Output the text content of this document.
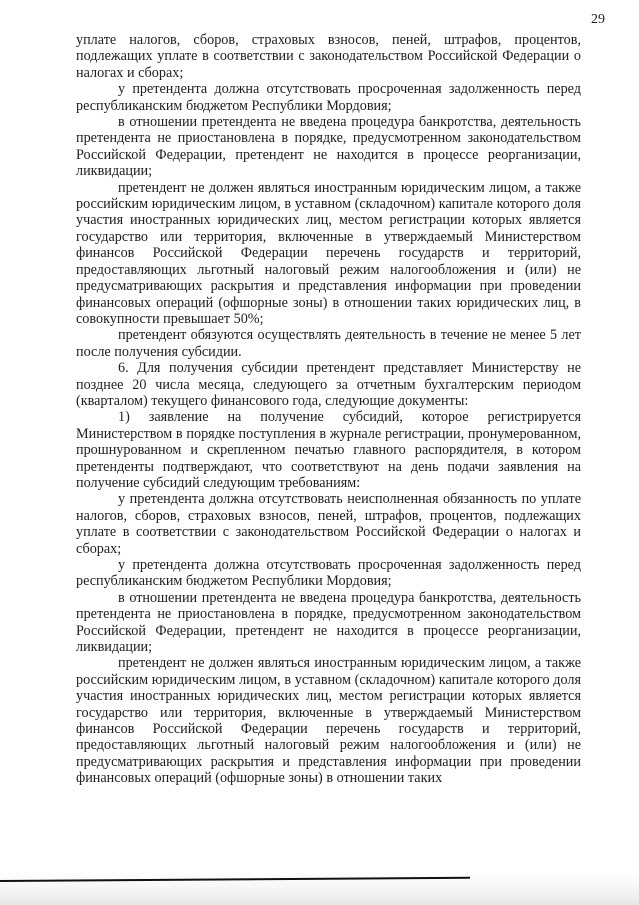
29

уплате налогов, сборов, страховых взносов, пеней, штрафов, процентов, подлежащих уплате в соответствии с законодательством Российской Федерации о налогах и сборах;

у претендента должна отсутствовать просроченная задолженность перед республиканским бюджетом Республики Мордовия;

в отношении претендента не введена процедура банкротства, деятельность претендента не приостановлена в порядке, предусмотренном законодательством Российской Федерации, претендент не находится в процессе реорганизации, ликвидации;

претендент не должен являться иностранным юридическим лицом, а также российским юридическим лицом, в уставном (складочном) капитале которого доля участия иностранных юридических лиц, местом регистрации которых является государство или территория, включенные в утверждаемый Министерством финансов Российской Федерации перечень государств и территорий, предоставляющих льготный налоговый режим налогообложения и (или) не предусматривающих раскрытия и представления информации при проведении финансовых операций (офшорные зоны) в отношении таких юридических лиц, в совокупности превышает 50%;

претендент обязуются осуществлять деятельность в течение не менее 5 лет после получения субсидии.

6. Для получения субсидии претендент представляет Министерству не позднее 20 числа месяца, следующего за отчетным бухгалтерским периодом (кварталом) текущего финансового года, следующие документы:

1) заявление на получение субсидий, которое регистрируется Министерством в порядке поступления в журнале регистрации, пронумерованном, прошнурованном и скрепленном печатью главного распорядителя, в котором претенденты подтверждают, что соответствуют на день подачи заявления на получение субсидий следующим требованиям:

у претендента должна отсутствовать неисполненная обязанность по уплате налогов, сборов, страховых взносов, пеней, штрафов, процентов, подлежащих уплате в соответствии с законодательством Российской Федерации о налогах и сборах;

у претендента должна отсутствовать просроченная задолженность перед республиканским бюджетом Республики Мордовия;

в отношении претендента не введена процедура банкротства, деятельность претендента не приостановлена в порядке, предусмотренном законодательством Российской Федерации, претендент не находится в процессе реорганизации, ликвидации;

претендент не должен являться иностранным юридическим лицом, а также российским юридическим лицом, в уставном (складочном) капитале которого доля участия иностранных юридических лиц, местом регистрации которых является государство или территория, включенные в утверждаемый Министерством финансов Российской Федерации перечень государств и территорий, предоставляющих льготный налоговый режим налогообложения и (или) не предусматривающих раскрытия и представления информации при проведении финансовых операций (офшорные зоны) в отношении таких
